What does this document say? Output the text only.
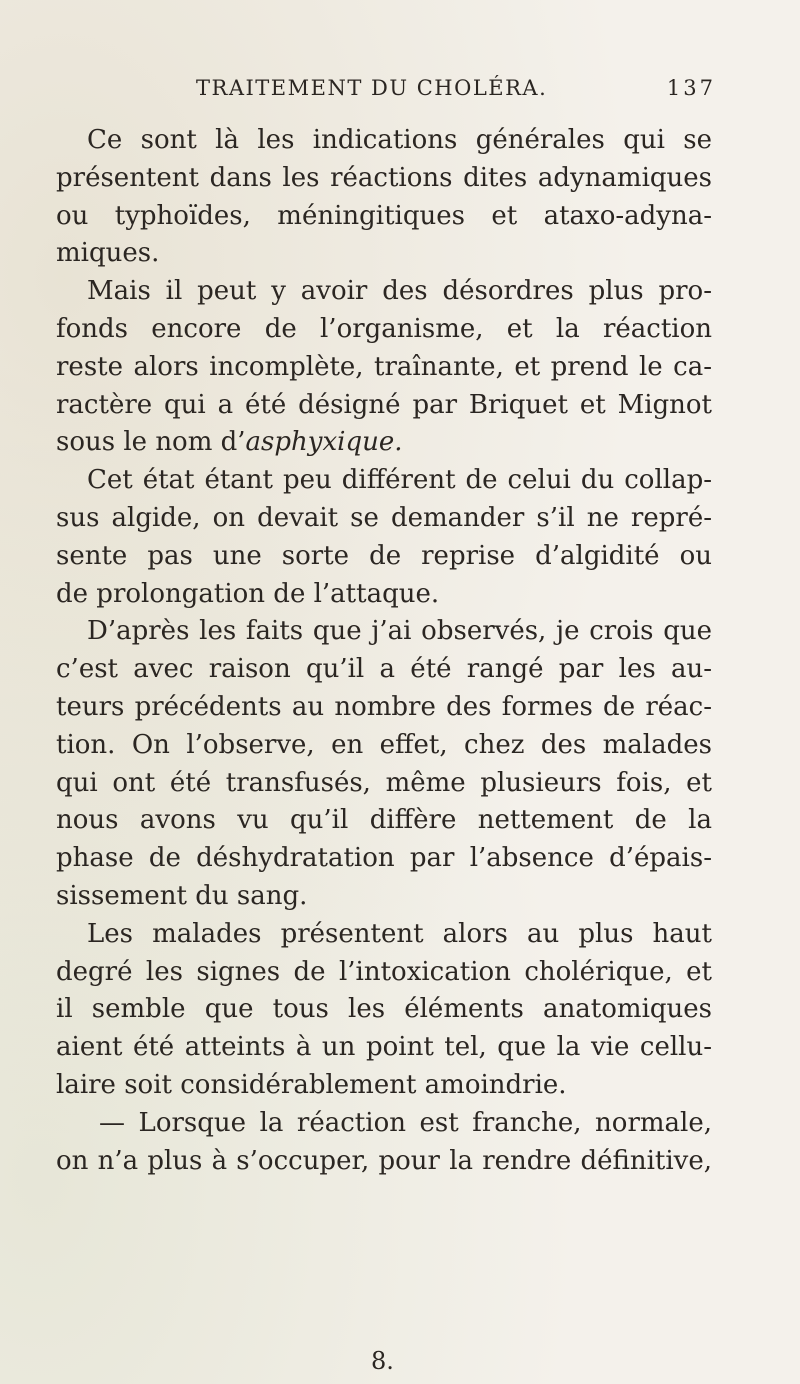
TRAITEMENT DU CHOLÉRA.	137
Ce sont là les indications générales qui se
présentent dans les réactions dites adynamiques
ou typhoïdes, méningitiques et ataxo-adyna-
miques.
Mais il peut y avoir des désordres plus pro-
fonds encore de l’organisme, et la réaction
reste alors incomplète, traînante, et prend le ca-
ractère qui a été désigné par Briquet et Mignot
sous le nom d’asphyxique.
Cet état étant peu différent de celui du collap-
sus algide, on devait se demander s’il ne repré-
sente pas une sorte de reprise d’algidité ou
de prolongation de l’attaque.
D’après les faits que j’ai observés, je crois que
c’est avec raison qu’il a été rangé par les au-
teurs précédents au nombre des formes de réac-
tion. On l’observe, en effet, chez des malades
qui ont été transfusés, même plusieurs fois, et
nous avons vu qu’il diffère nettement de la
phase de déshydratation par l’absence d’épais-
sissement du sang.
Les malades présentent alors au plus haut
degré les signes de l’intoxication cholérique, et
il semble que tous les éléments anatomiques
aient été atteints à un point tel, que la vie cellu-
laire soit considérablement amoindrie.
— Lorsque la réaction est franche, normale,
on n’a plus à s’occuper, pour la rendre définitive,
8.
